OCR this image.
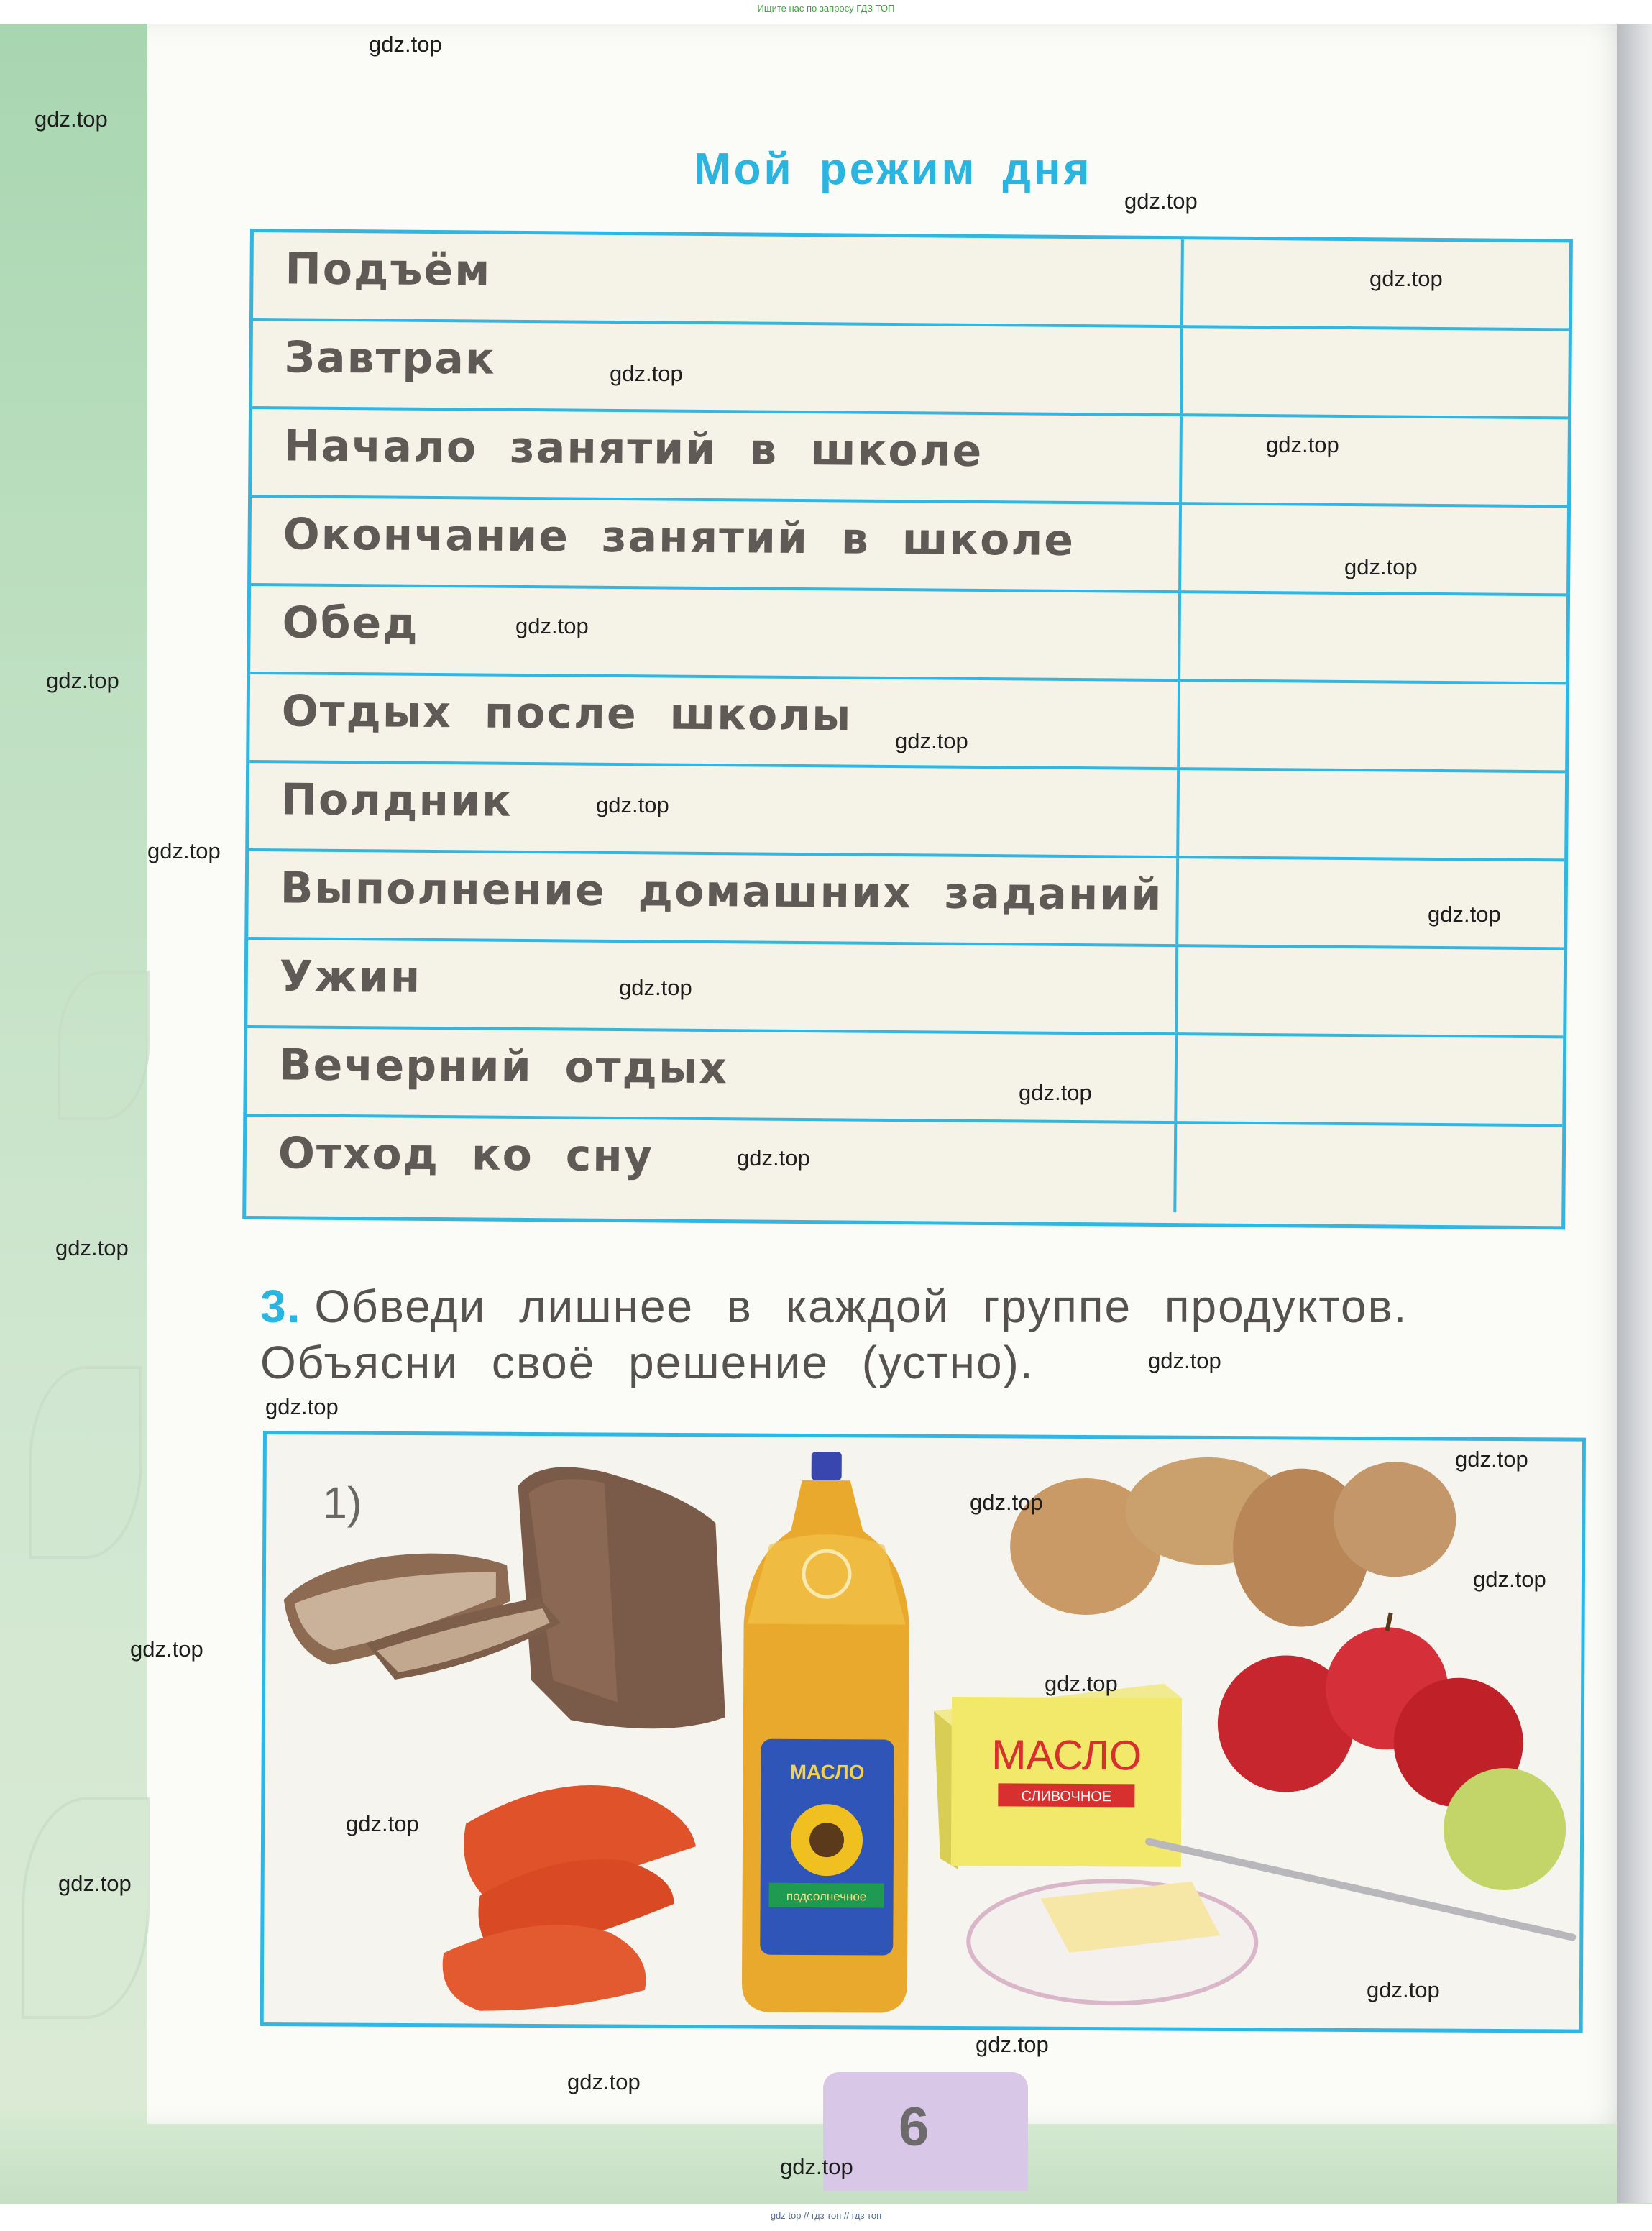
Ищите нас по запросу ГДЗ ТОП
Мой режим дня
Подъём
Завтрак
Начало занятий в школе
Окончание занятий в школе
Обед
Отдых после школы
Полдник
Выполнение домашних заданий
Ужин
Вечерний отдых
Отход ко сну
3. Обведи лишнее в каждой группе продуктов.
Объясни своё решение (устно).
1)
МАСЛО
подсолнечное
МАСЛО
СЛИВОЧНОЕ
6
gdz.top
gdz.top
gdz.top
gdz.top
gdz.top
gdz.top
gdz.top
gdz.top
gdz.top
gdz.top
gdz.top
gdz.top
gdz.top
gdz.top
gdz.top
gdz.top
gdz.top
gdz.top
gdz.top
gdz.top
gdz.top
gdz.top
gdz.top
gdz.top
gdz.top
gdz.top
gdz.top
gdz.top
gdz.top
gdz.top
gdz top // гдз топ // гдз топ
